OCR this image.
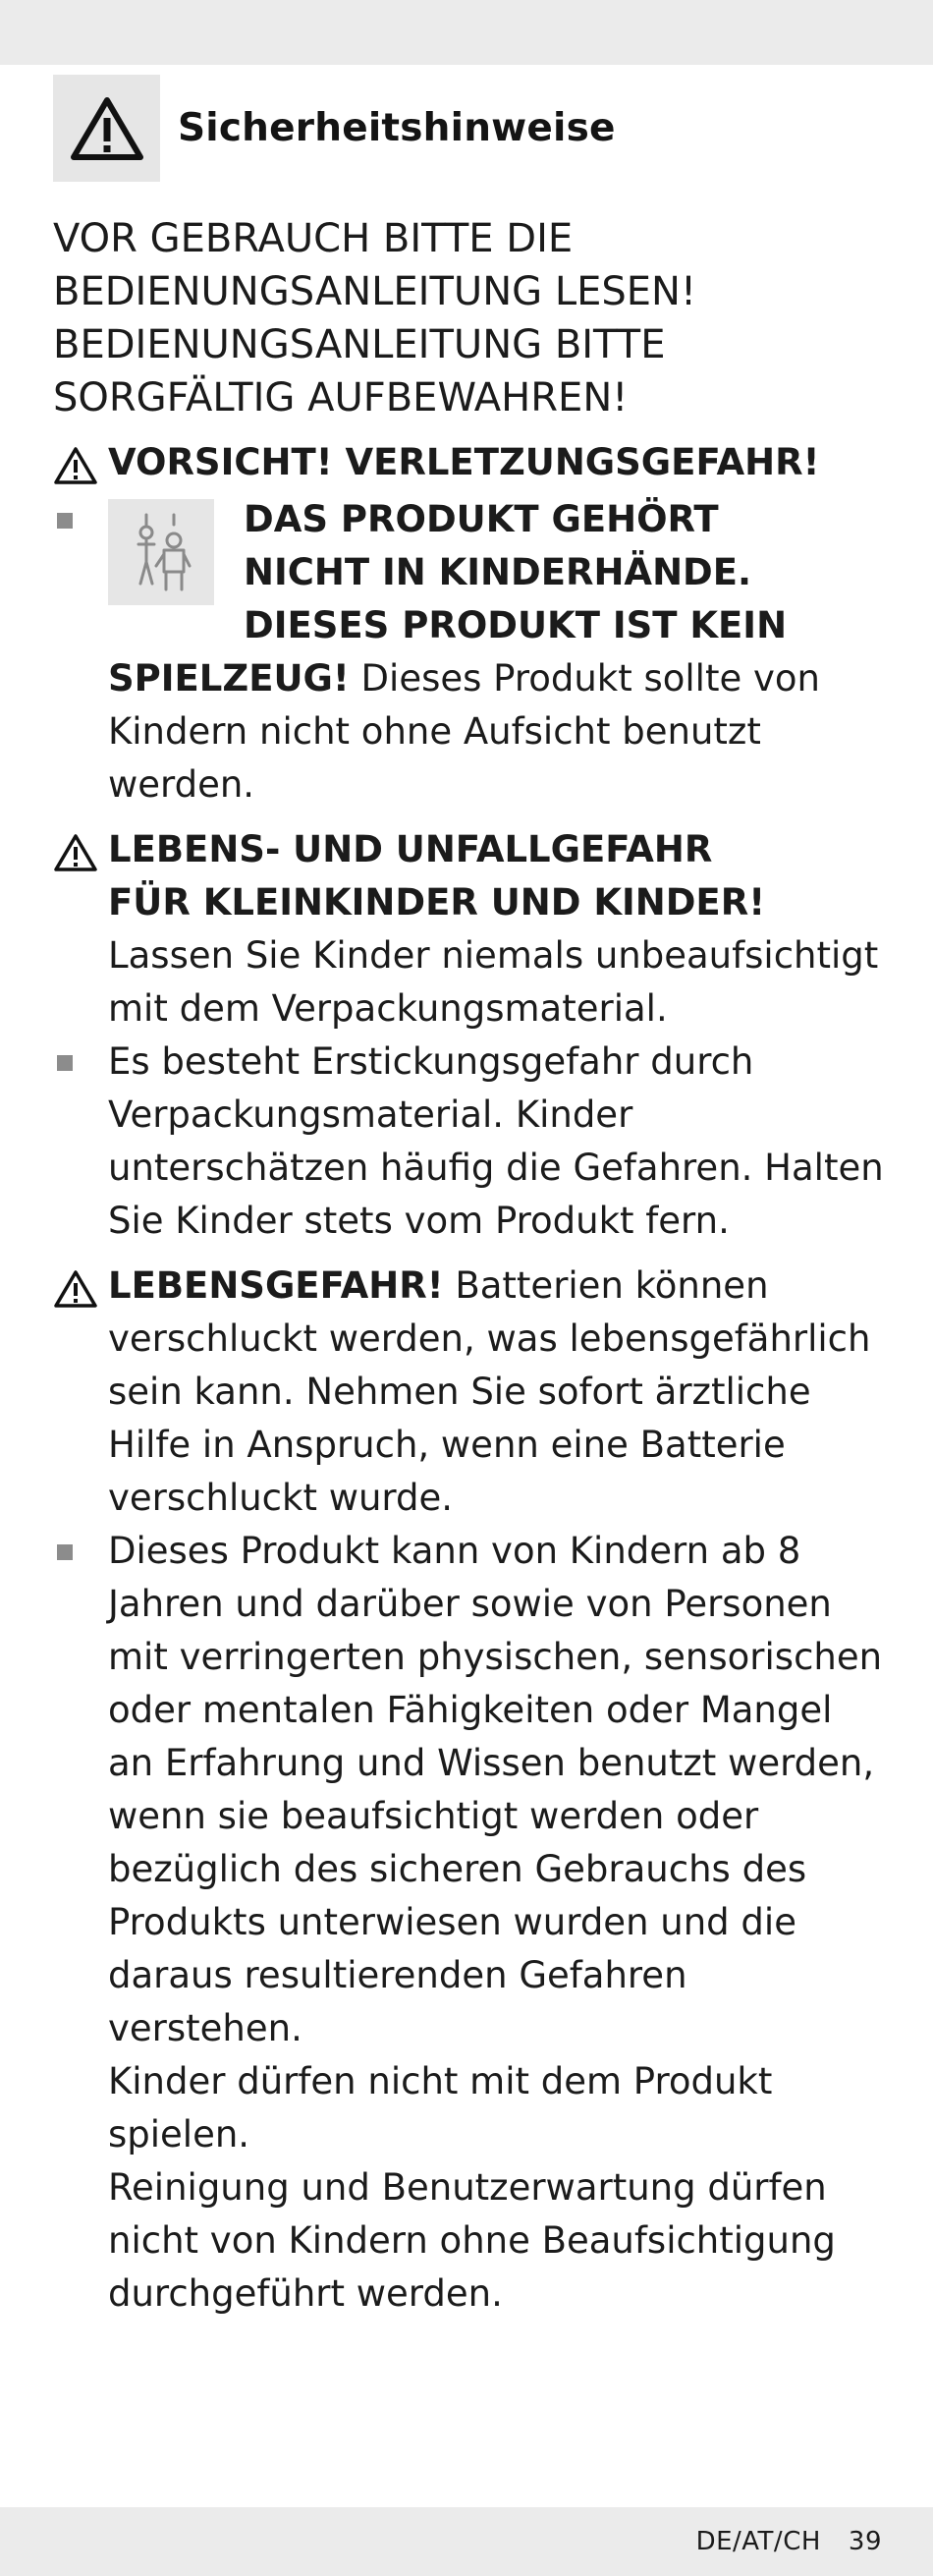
Sicherheitshinweise

VOR GEBRAUCH BITTE DIE
BEDIENUNGSANLEITUNG LESEN!
BEDIENUNGSANLEITUNG BITTE
SORGFÄLTIG AUFBEWAHREN!

VORSICHT! VERLETZUNGSGEFAHR!
DAS PRODUKT GEHÖRT
NICHT IN KINDERHÄNDE.
DIESES PRODUKT IST KEIN
SPIELZEUG! Dieses Produkt sollte von Kindern nicht ohne Aufsicht benutzt werden.
LEBENS- UND UNFALLGEFAHR
FÜR KLEINKINDER UND KINDER!
Lassen Sie Kinder niemals unbeaufsichtigt mit dem Verpackungsmaterial.
Es besteht Erstickungsgefahr durch Verpackungsmaterial. Kinder unterschätzen häufig die Gefahren. Halten Sie Kinder stets vom Produkt fern.
LEBENSGEFAHR! Batterien können verschluckt werden, was lebensgefährlich sein kann. Nehmen Sie sofort ärztliche Hilfe in Anspruch, wenn eine Batterie verschluckt wurde.
Dieses Produkt kann von Kindern ab 8 Jahren und darüber sowie von Personen mit verringerten physischen, sensorischen oder mentalen Fähigkeiten oder Mangel an Erfahrung und Wissen benutzt werden, wenn sie beaufsichtigt werden oder bezüglich des sicheren Gebrauchs des Produkts unterwiesen wurden und die daraus resultierenden Gefahren verstehen.
Kinder dürfen nicht mit dem Produkt spielen.
Reinigung und Benutzerwartung dürfen nicht von Kindern ohne Beaufsichtigung durchgeführt werden.
DE/AT/CH 39
